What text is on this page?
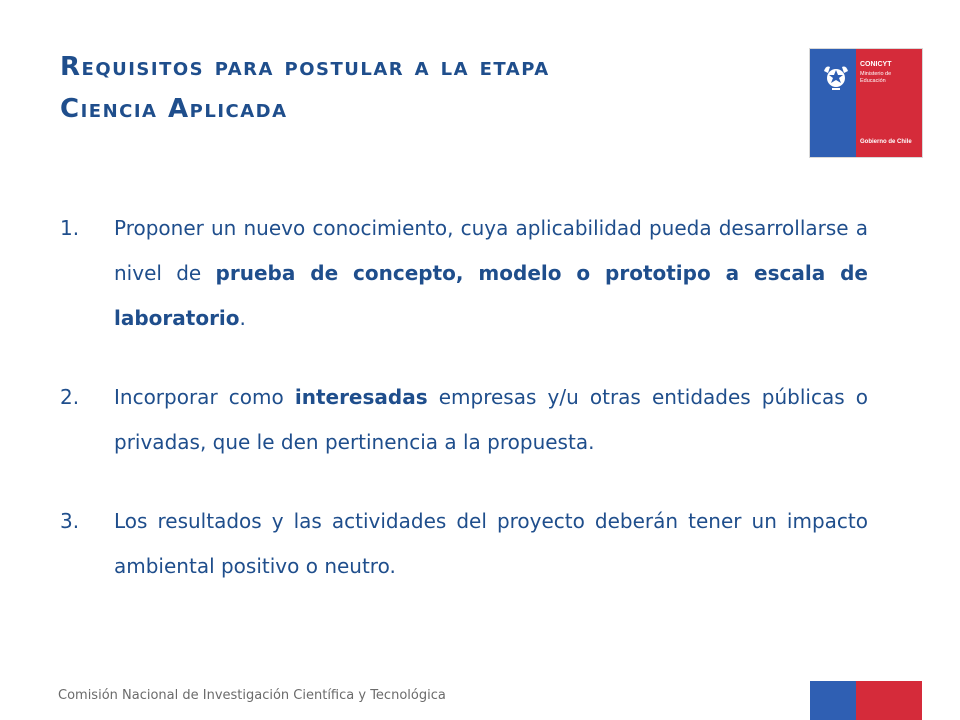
Requisitos para postular a la etapa
Ciencia Aplicada
CONICYT
Ministerio de Educación
Gobierno de Chile
1. Proponer un nuevo conocimiento, cuya aplicabilidad pueda desarrollarse a nivel de prueba de concepto, modelo o prototipo a escala de laboratorio.
2. Incorporar como interesadas empresas y/u otras entidades públicas o privadas, que le den pertinencia a la propuesta.
3. Los resultados y las actividades del proyecto deberán tener un impacto ambiental positivo o neutro.
Comisión Nacional de Investigación Científica y Tecnológica
